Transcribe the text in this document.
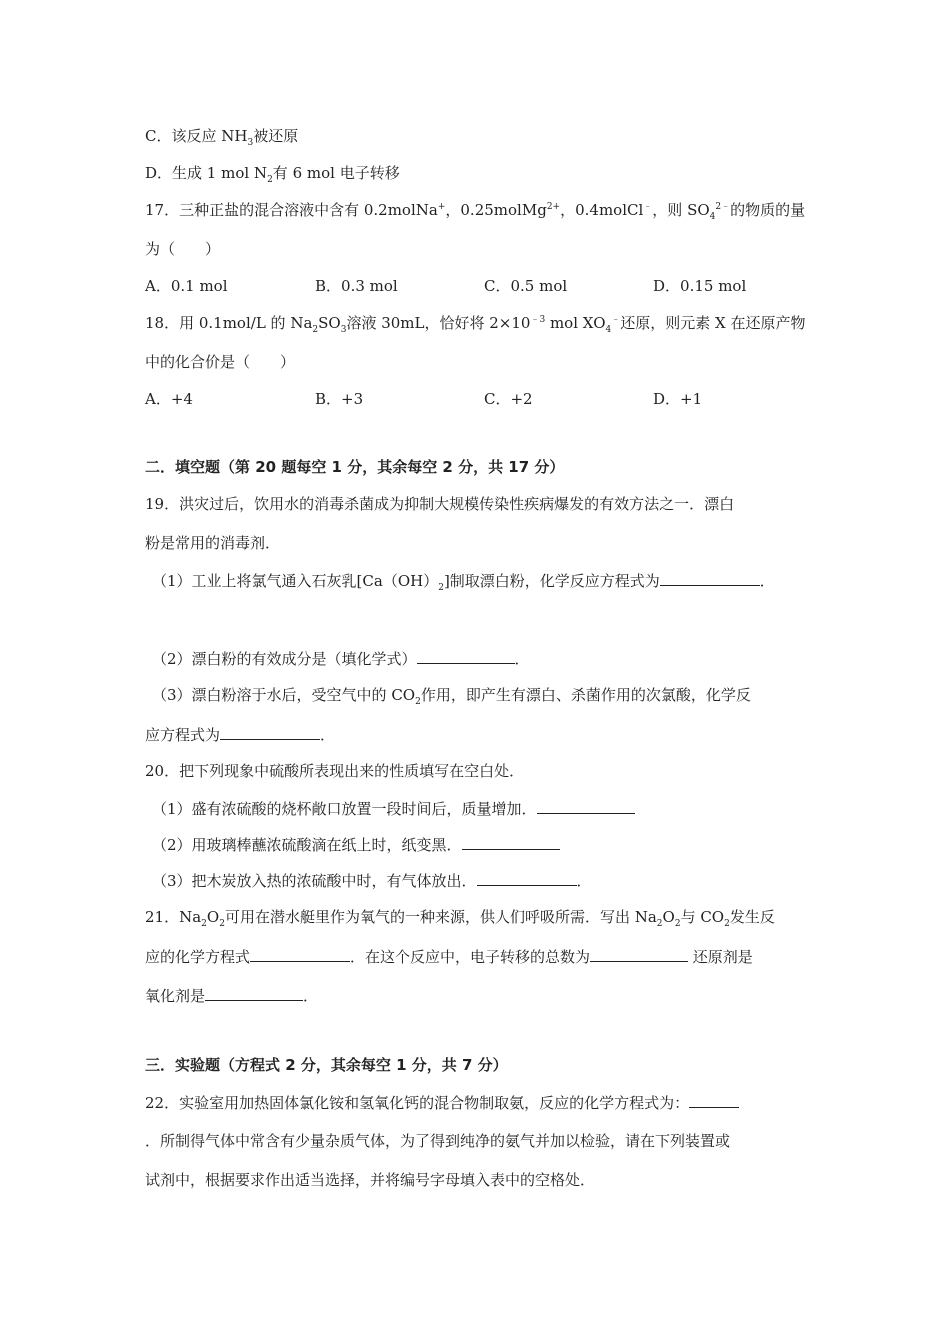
C．该反应 $NH_3$被还原
D．生成 1 mol $N_2$有 6 mol 电子转移
17．三种正盐的混合溶液中含有 0.2molNa+，0.25molMg$^{2+}$，0.4molCl﹣，则 $SO_4^{2﹣}$的物质的量
为（　　）
A．0.1 mol	B．0.3 mol	C．0.5 mol	D．0.15 mol
18．用 0.1mol/L 的 $Na_2SO_3$溶液 30mL，恰好将 $2\times 10^{﹣3}$ mol $XO_4^﹣$还原，则元素 X 在还原产物
中的化合价是（　　）
A．+4	B．+3	C．+2	D．+1
二．填空题（第 20 题每空 1 分，其余每空 2 分，共 17 分）
19．洪灾过后，饮用水的消毒杀菌成为抑制大规模传染性疾病爆发的有效方法之一．漂白
粉是常用的消毒剂．
（1）工业上将氯气通入石灰乳$[Ca(OH)_2]$制取漂白粉，化学反应方程式为	．
（2）漂白粉的有效成分是（填化学式）	．
（3）漂白粉溶于水后，受空气中的 $CO_2$作用，即产生有漂白、杀菌作用的次氯酸，化学反
应方程式为	．
20．把下列现象中硫酸所表现出来的性质填写在空白处．
（1）盛有浓硫酸的烧杯敞口放置一段时间后，质量增加．
（2）用玻璃棒蘸浓硫酸滴在纸上时，纸变黑．
（3）把木炭放入热的浓硫酸中时，有气体放出．	．
21．$Na_2O_2$可用在潜水艇里作为氧气的一种来源，供人们呼吸所需．写出 $Na_2O_2$与 $CO_2$发生反
应的化学方程式	．在这个反应中，电子转移的总数为	还原剂是
氧化剂是	．
三．实验题（方程式 2 分，其余每空 1 分，共 7 分）
22．实验室用加热固体氯化铵和氢氧化钙的混合物制取氨，反应的化学方程式为：
．所制得气体中常含有少量杂质气体，为了得到纯净的氨气并加以检验，请在下列装置或
试剂中，根据要求作出适当选择，并将编号字母填入表中的空格处．
